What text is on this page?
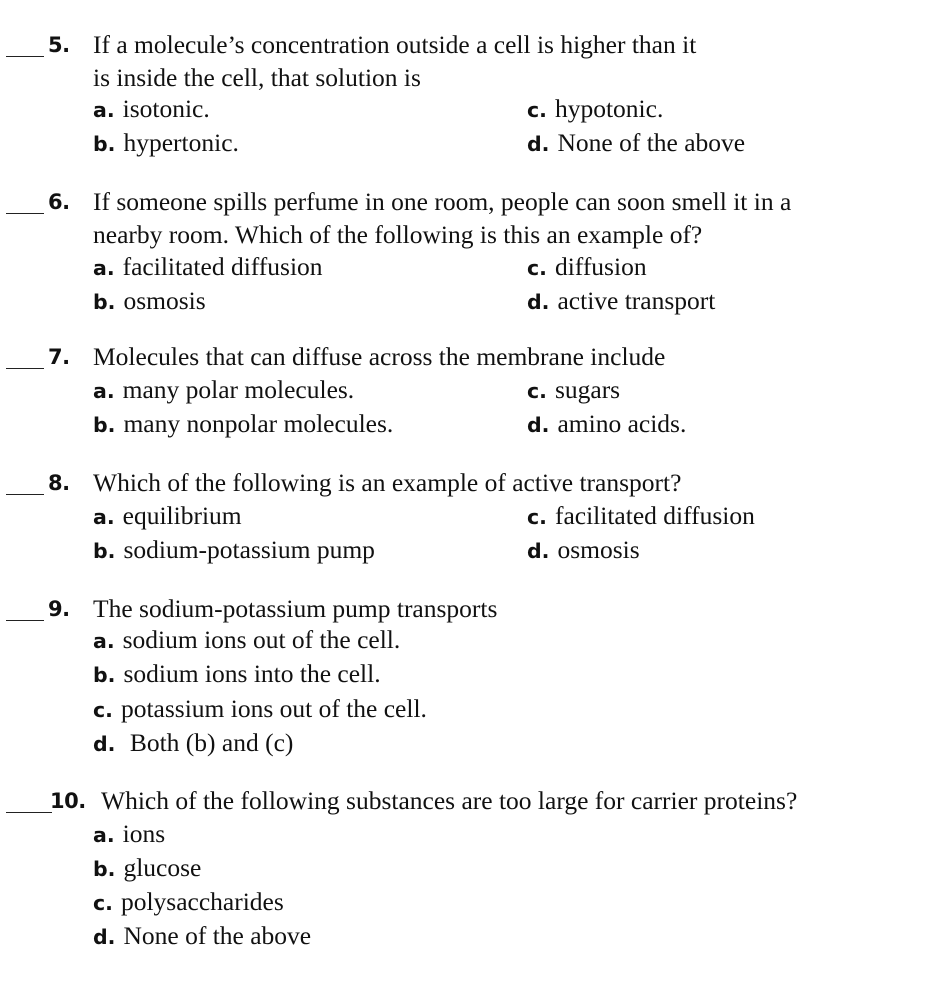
5. If a molecule’s concentration outside a cell is higher than it
is inside the cell, that solution is
a. isotonic.
b. hypertonic.
c. hypotonic.
d. None of the above
6. If someone spills perfume in one room, people can soon smell it in a
nearby room. Which of the following is this an example of?
a. facilitated diffusion
b. osmosis
c. diffusion
d. active transport
7. Molecules that can diffuse across the membrane include
a. many polar molecules.
b. many nonpolar molecules.
c. sugars
d. amino acids.
8. Which of the following is an example of active transport?
a. equilibrium
b. sodium-potassium pump
c. facilitated diffusion
d. osmosis
9. The sodium-potassium pump transports
a. sodium ions out of the cell.
b. sodium ions into the cell.
c. potassium ions out of the cell.
d. Both (b) and (c)
10. Which of the following substances are too large for carrier proteins?
a. ions
b. glucose
c. polysaccharides
d. None of the above
